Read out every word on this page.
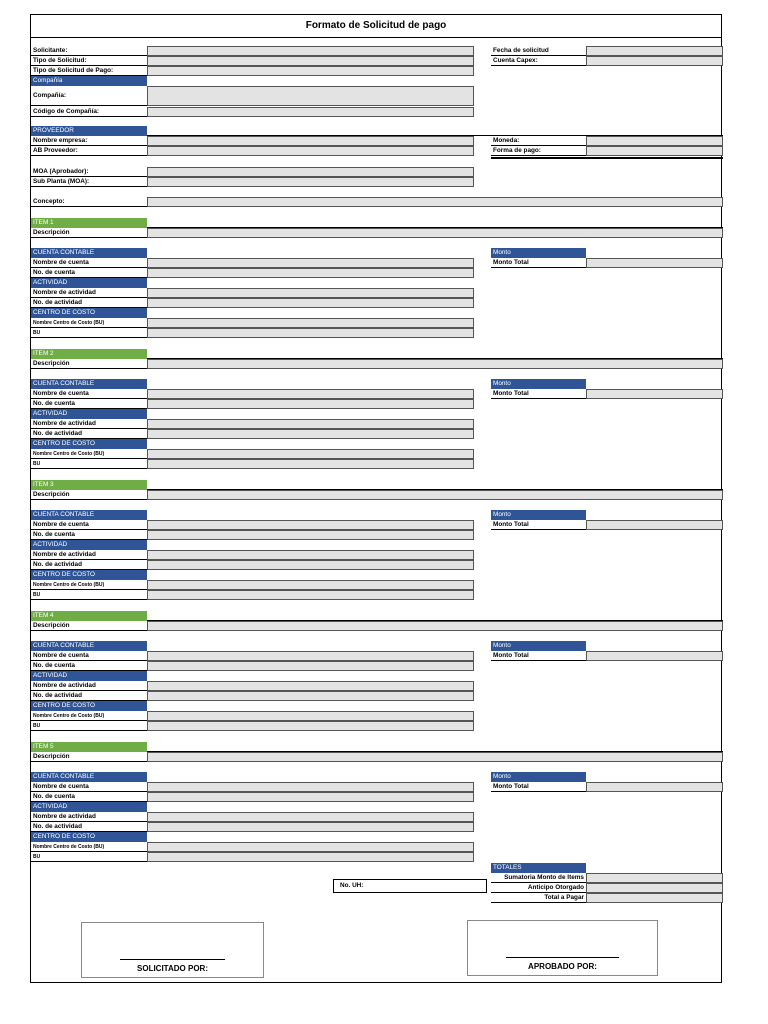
Formato de Solicitud de pago
Solicitante:
Tipo de Solicitud:
Tipo de Solicitud de Pago:
Fecha de solicitud
Cuenta Capex:
Compañía
Compañía:
Código de Compañía:
PROVEEDOR
Nombre empresa:
AB Proveedor:
Moneda:
Forma de pago:
MOA (Aprobador):
Sub Planta (MOA):
Concepto:
ITEM 1
Descripción
CUENTA CONTABLE
Nombre de cuenta
No. de cuenta
ACTIVIDAD
Nombre de actividad
No. de actividad
CENTRO DE COSTO
Nombre Centro de Costo (BU)
BU
Monto
Monto Total
ITEM 2
Descripción
CUENTA CONTABLE
Nombre de cuenta
No. de cuenta
ACTIVIDAD
Nombre de actividad
No. de actividad
CENTRO DE COSTO
Nombre Centro de Costo (BU)
BU
Monto
Monto Total
ITEM 3
Descripción
CUENTA CONTABLE
Nombre de cuenta
No. de cuenta
ACTIVIDAD
Nombre de actividad
No. de actividad
CENTRO DE COSTO
Nombre Centro de Costo (BU)
BU
Monto
Monto Total
ITEM 4
Descripción
CUENTA CONTABLE
Nombre de cuenta
No. de cuenta
ACTIVIDAD
Nombre de actividad
No. de actividad
CENTRO DE COSTO
Nombre Centro de Costo (BU)
BU
Monto
Monto Total
ITEM 5
Descripción
CUENTA CONTABLE
Nombre de cuenta
No. de cuenta
ACTIVIDAD
Nombre de actividad
No. de actividad
CENTRO DE COSTO
Nombre Centro de Costo (BU)
BU
Monto
Monto Total
TOTALES
Sumatoria Monto de Items
Anticipo Otorgado
Total a Pagar
No. UH:
SOLICITADO POR:	APROBADO POR:
